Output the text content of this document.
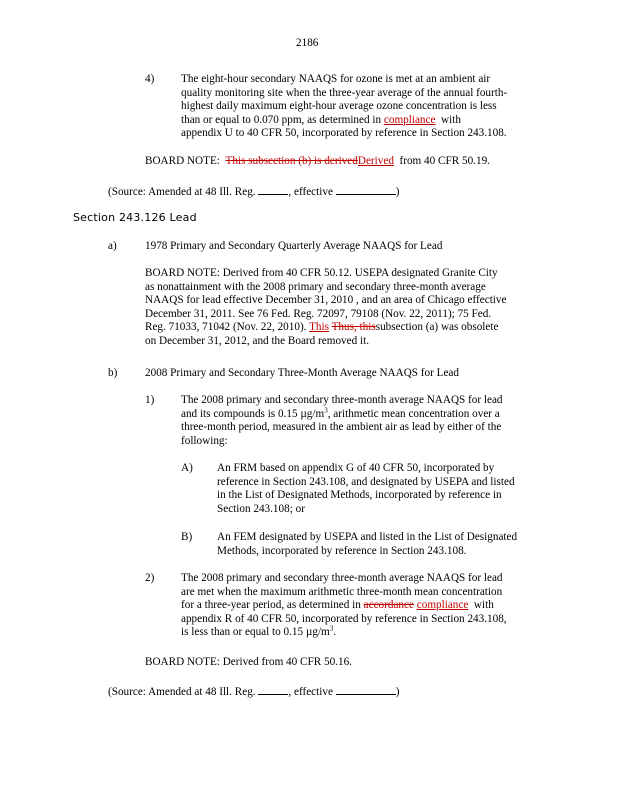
2186
4) The eight-hour secondary NAAQS for ozone is met at an ambient air
quality monitoring site when the three-year average of the annual fourth-
highest daily maximum eight-hour average ozone concentration is less
than or equal to 0.070 ppm, as determined in compliance with
appendix U to 40 CFR 50, incorporated by reference in Section 243.108.
BOARD NOTE: This subsection (b) is derivedDerived from 40 CFR 50.19.
(Source: Amended at 48 Ill. Reg.	, effective	)
Section 243.126 Lead
a)	1978 Primary and Secondary Quarterly Average NAAQS for Lead
BOARD NOTE: Derived from 40 CFR 50.12. USEPA designated Granite City
as nonattainment with the 2008 primary and secondary three-month average
NAAQS for lead effective December 31, 2010 , and an area of Chicago effective
December 31, 2011. See 76 Fed. Reg. 72097, 79108 (Nov. 22, 2011); 75 Fed.
Reg. 71033, 71042 (Nov. 22, 2010). This Thus, thissubsection (a) was obsolete
on December 31, 2012, and the Board removed it.
b) 2008 Primary and Secondary Three-Month Average NAAQS for Lead
1) The 2008 primary and secondary three-month average NAAQS for lead
and its compounds is 0.15 $\mu g/m^3$, arithmetic mean concentration over a
three-month period, measured in the ambient air as lead by either of the
following:
A) An FRM based on appendix G of 40 CFR 50, incorporated by
reference in Section 243.108, and designated by USEPA and listed
in the List of Designated Methods, incorporated by reference in
Section 243.108; or
B) An FEM designated by USEPA and listed in the List of Designated
Methods, incorporated by reference in Section 243.108.
2) The 2008 primary and secondary three-month average NAAQS for lead
are met when the maximum arithmetic three-month mean concentration
for a three-year period, as determined in accordance compliance with
appendix R of 40 CFR 50, incorporated by reference in Section 243.108,
is less than or equal to 0.15 $\mu g/m^3$.
BOARD NOTE: Derived from 40 CFR 50.16.
(Source: Amended at 48 Ill. Reg.	, effective	)
